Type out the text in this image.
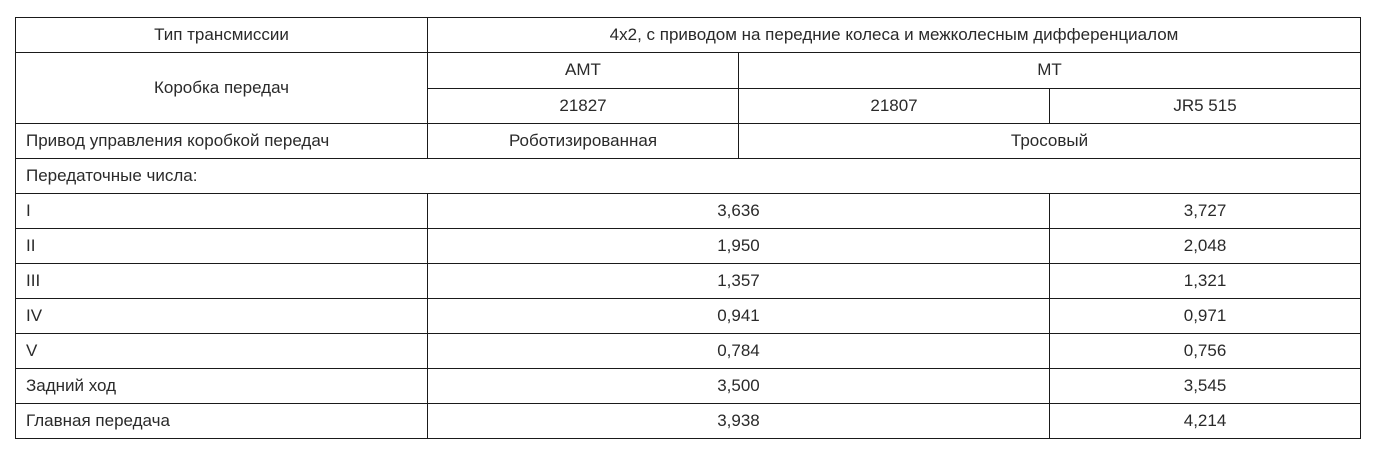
Тип трансмиссии	4x2, с приводом на передние колеса и межколесным дифференциалом		
Коробка передач	AMT	MT	
	21827	21807	JR5 515
Привод управления коробкой передач	Роботизированная	Тросовый	
Передаточные числа:			
I	3,636		3,727
II	1,950		2,048
III	1,357		1,321
IV	0,941		0,971
V	0,784		0,756
Задний ход	3,500		3,545
Главная передача	3,938		4,214
